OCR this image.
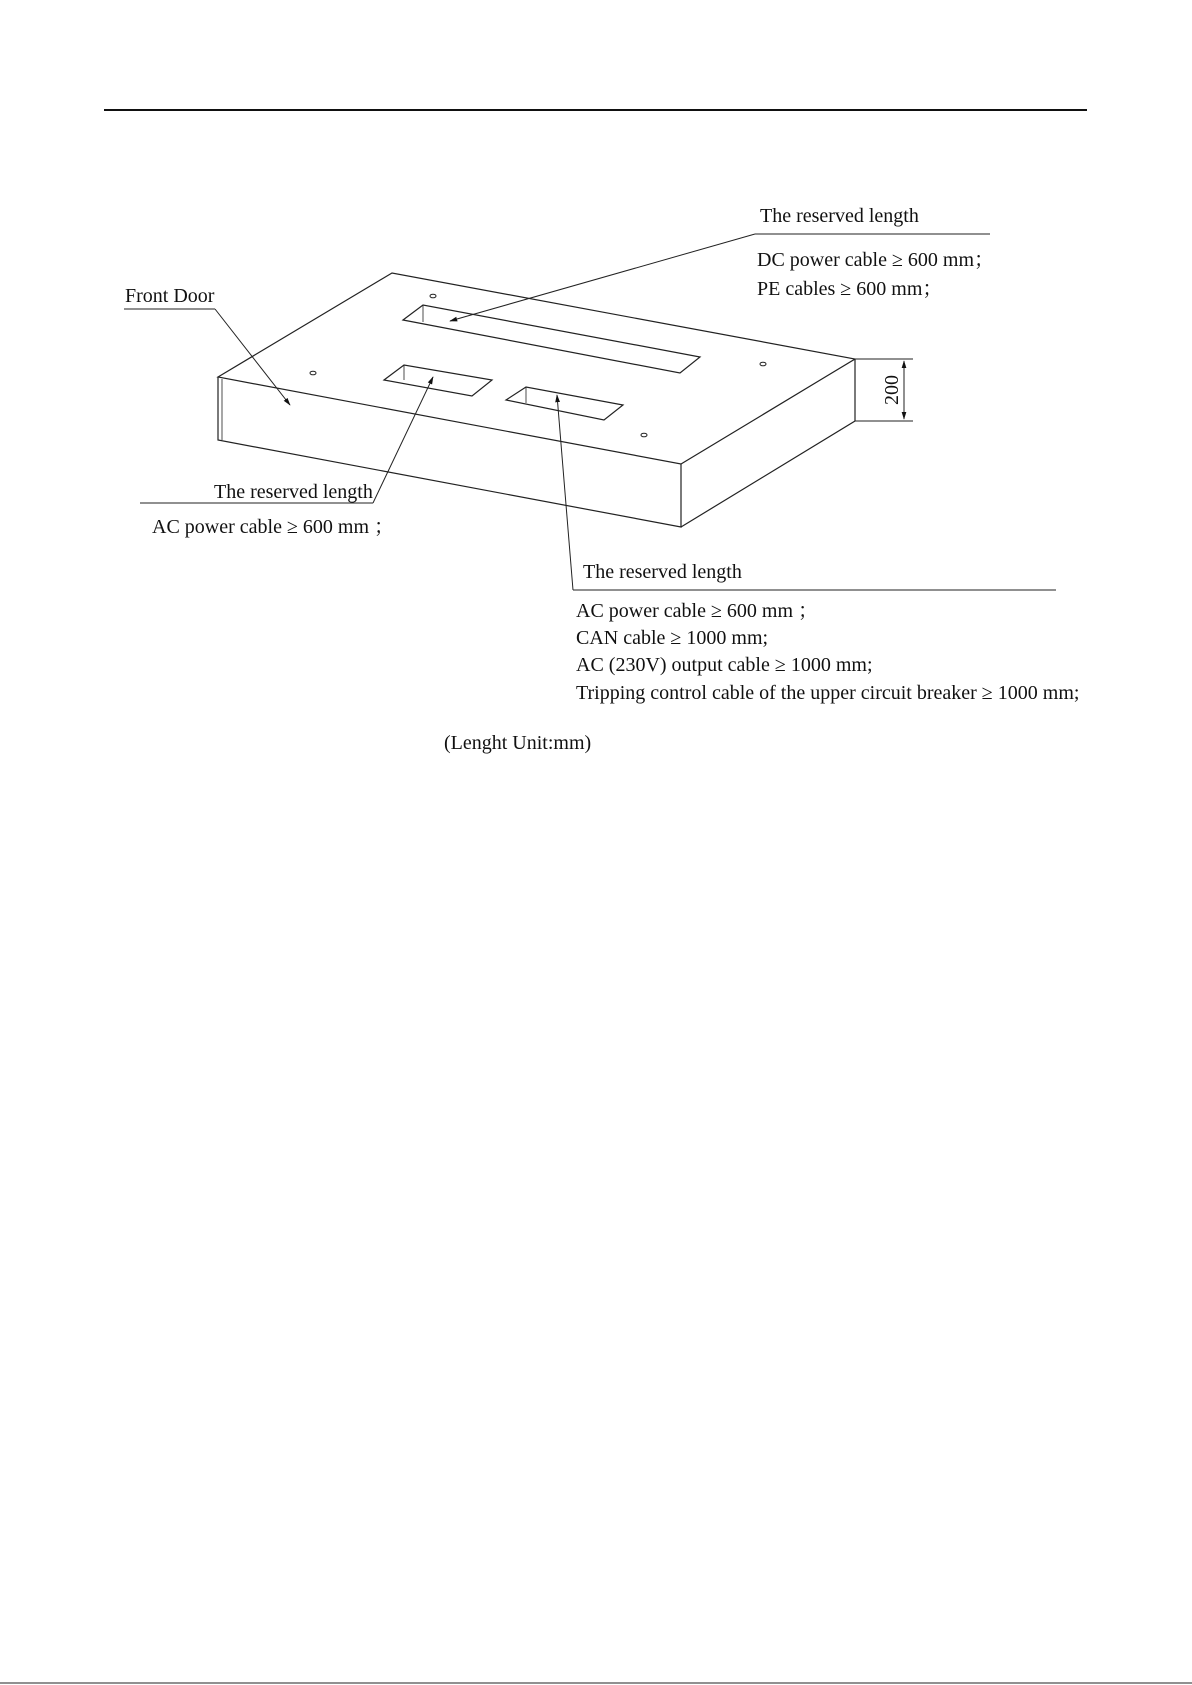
200
Front Door
The reserved length
DC power cable ≥ 600 mm；
PE cables ≥ 600 mm；
The reserved length
AC power cable ≥ 600 mm ；
The reserved length
AC power cable ≥ 600 mm ；
CAN cable ≥ 1000 mm;
AC (230V) output cable ≥ 1000 mm;
Tripping control cable of the upper circuit breaker ≥ 1000 mm;
(Lenght Unit:mm)
